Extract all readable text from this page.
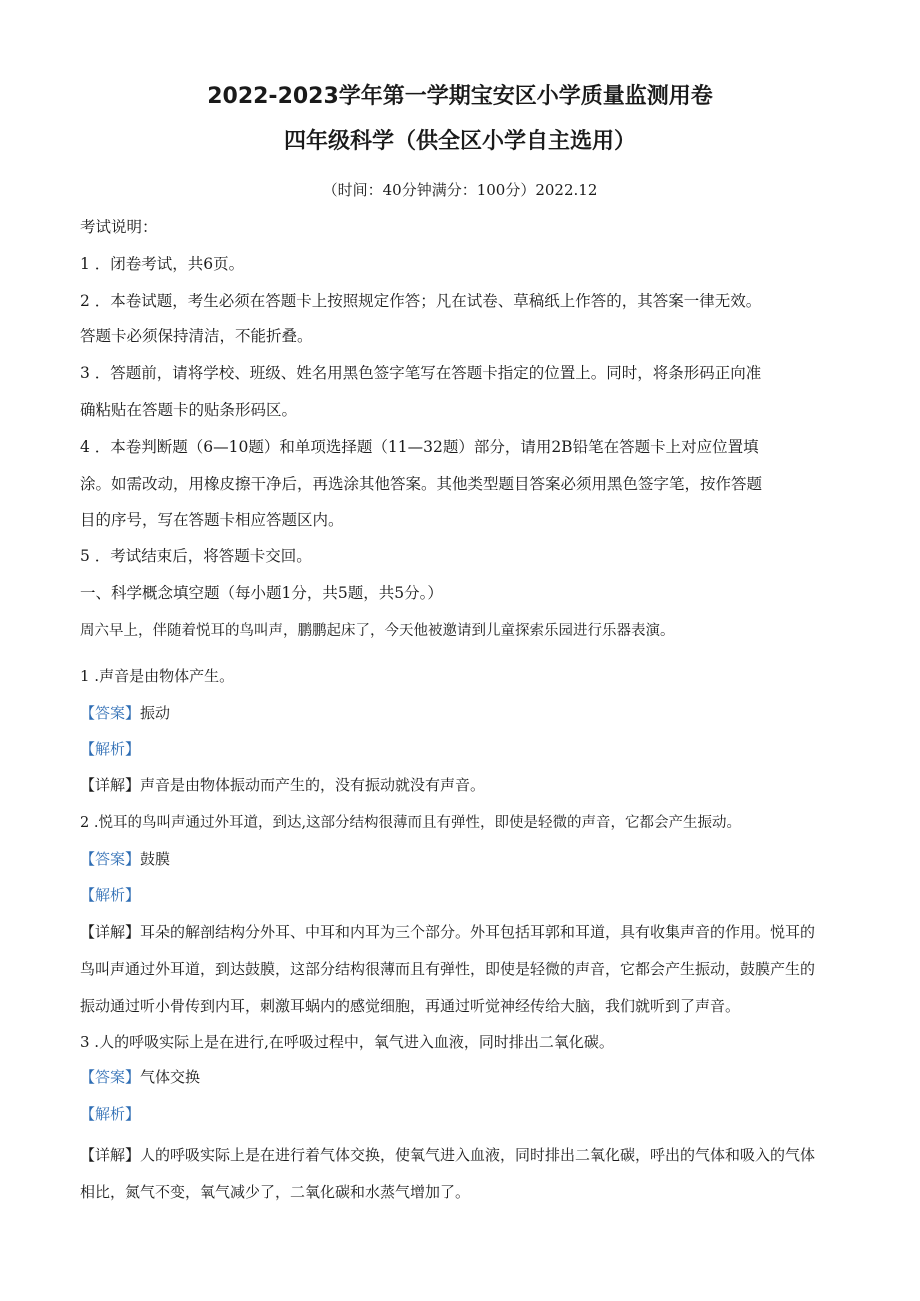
2022-2023学年第一学期宝安区小学质量监测用卷
四年级科学（供全区小学自主选用）
（时间：40分钟满分：100分）2022.12
考试说明：
1 ．闭卷考试，共6页。
2 ．本卷试题，考生必须在答题卡上按照规定作答；凡在试卷、草稿纸上作答的，其答案一律无效。
答题卡必须保持清洁，不能折叠。
3 ．答题前，请将学校、班级、姓名用黑色签字笔写在答题卡指定的位置上。同时，将条形码正向准
确粘贴在答题卡的贴条形码区。
4 ．本卷判断题（6—10题）和单项选择题（11—32题）部分，请用2B铅笔在答题卡上对应位置填
涂。如需改动，用橡皮擦干净后，再选涂其他答案。其他类型题目答案必须用黑色签字笔，按作答题
目的序号，写在答题卡相应答题区内。
5 ．考试结束后，将答题卡交回。
一、科学概念填空题（每小题1分，共5题，共5分。）
周六早上，伴随着悦耳的鸟叫声，鹏鹏起床了，今天他被邀请到儿童探索乐园进行乐器表演。
1 .声音是由物体产生。
【答案】振动
【解析】
【详解】声音是由物体振动而产生的，没有振动就没有声音。
2 .悦耳的鸟叫声通过外耳道，到达,这部分结构很薄而且有弹性，即使是轻微的声音，它都会产生振动。
【答案】鼓膜
【解析】
【详解】耳朵的解剖结构分外耳、中耳和内耳为三个部分。外耳包括耳郭和耳道，具有收集声音的作用。悦耳的
鸟叫声通过外耳道，到达鼓膜，这部分结构很薄而且有弹性，即使是轻微的声音，它都会产生振动，鼓膜产生的
振动通过听小骨传到内耳，刺激耳蜗内的感觉细胞，再通过听觉神经传给大脑，我们就听到了声音。
3 .人的呼吸实际上是在进行,在呼吸过程中，氧气进入血液，同时排出二氧化碳。
【答案】气体交换
【解析】
【详解】人的呼吸实际上是在进行着气体交换，使氧气进入血液，同时排出二氧化碳，呼出的气体和吸入的气体
相比，氮气不变，氧气减少了，二氧化碳和水蒸气增加了。
